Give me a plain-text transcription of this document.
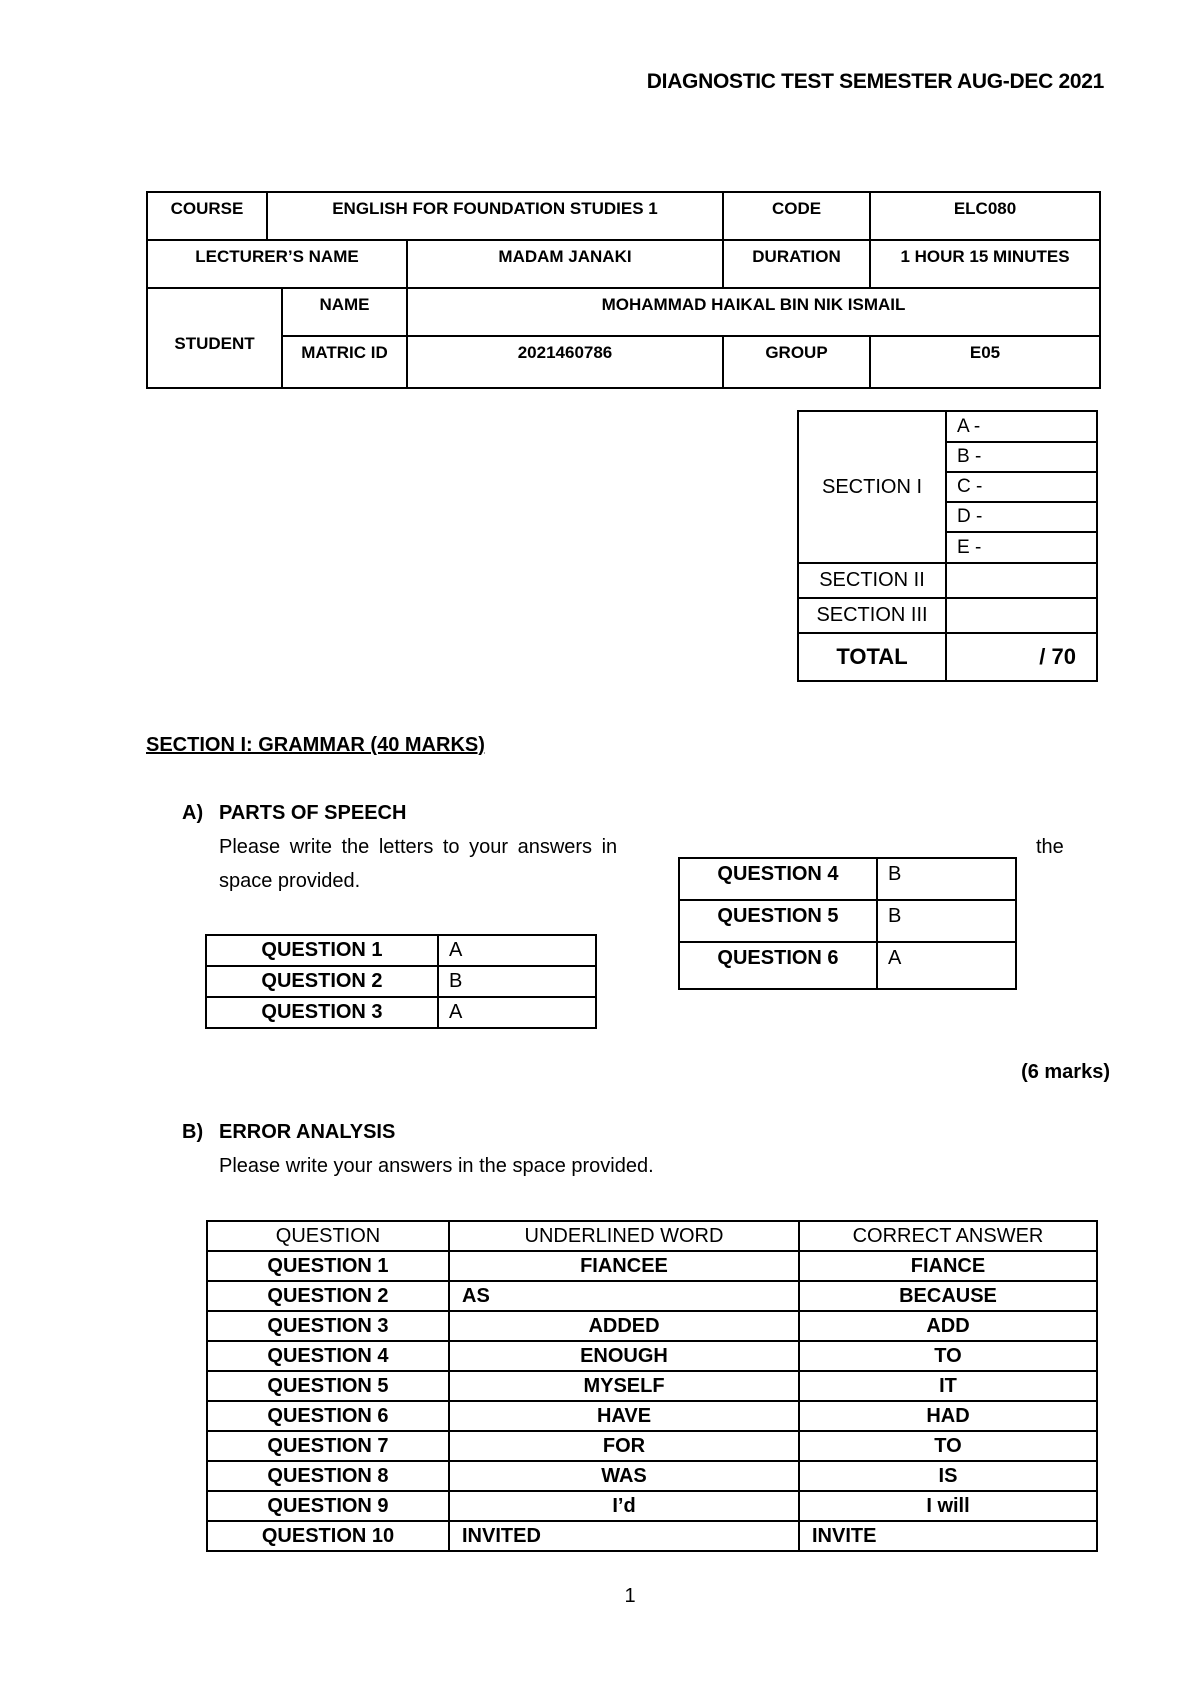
DIAGNOSTIC TEST SEMESTER AUG-DEC 2021
COURSE	ENGLISH FOR FOUNDATION STUDIES 1			CODE	ELC080
LECTURER’S NAME			MADAM JANAKI	DURATION	1 HOUR 15 MINUTES
STUDENT		NAME	MOHAMMAD HAIKAL BIN NIK ISMAIL		
		MATRIC ID	2021460786	GROUP	E05
SECTION I	A -
	B -
	C -
	D -
	E -
SECTION II	
SECTION III	
TOTAL	/ 70
SECTION I: GRAMMAR (40 MARKS)
A) PARTS OF SPEECH
Please write the letters to your answers in	the
space provided.
QUESTION 1	A
QUESTION 2	B
QUESTION 3	A
QUESTION 4	B
QUESTION 5	B
QUESTION 6	A
(6 marks)
B) ERROR ANALYSIS
Please write your answers in the space provided.
QUESTION	UNDERLINED WORD	CORRECT ANSWER
QUESTION 1	FIANCEE	FIANCE
QUESTION 2	AS	BECAUSE
QUESTION 3	ADDED	ADD
QUESTION 4	ENOUGH	TO
QUESTION 5	MYSELF	IT
QUESTION 6	HAVE	HAD
QUESTION 7	FOR	TO
QUESTION 8	WAS	IS
QUESTION 9	I’d	I will
QUESTION 10	INVITED	INVITE
1
